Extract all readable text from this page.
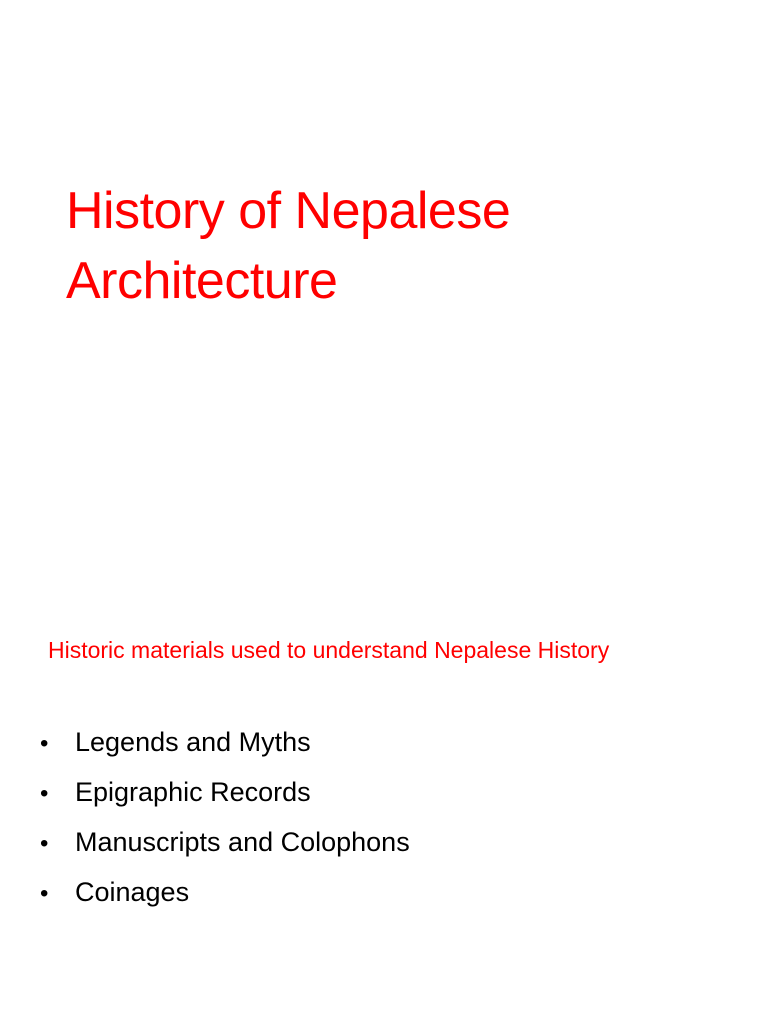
History of Nepalese
Architecture

Historic materials used to understand Nepalese History

• Legends and Myths
• Epigraphic Records
• Manuscripts and Colophons
• Coinages
